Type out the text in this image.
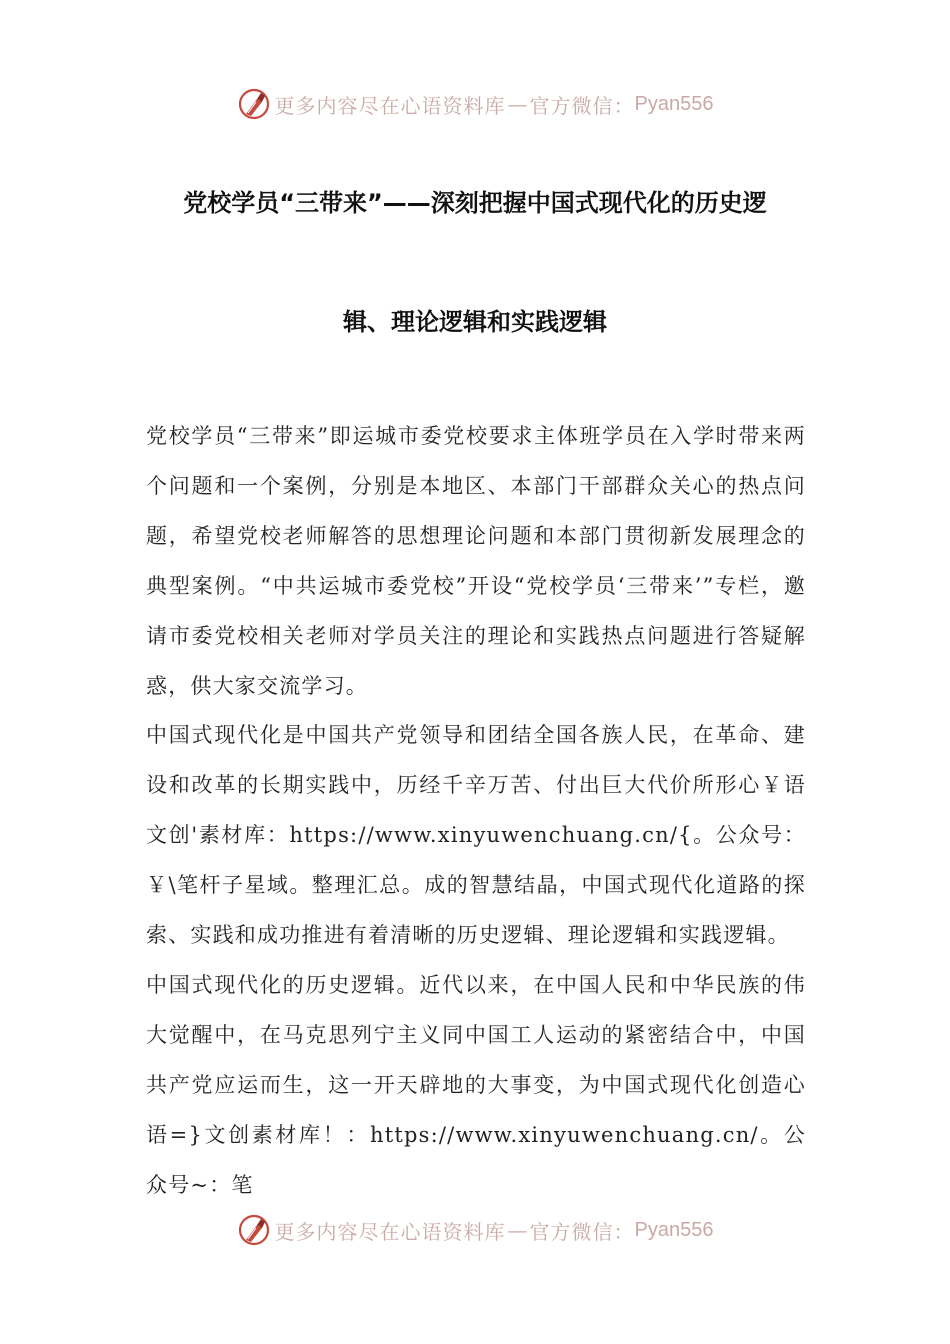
更多内容尽在心语资料库 — 官方微信： Pyan556
党校学员“三带来”——深刻把握中国式现代化的历史逻
辑、理论逻辑和实践逻辑

党校学员“三带来”即运城市委党校要求主体班学员在入学时带来两个问题和一个案例，分别是本地区、本部门干部群众关心的热点问题，希望党校老师解答的思想理论问题和本部门贯彻新发展理念的典型案例。“中共运城市委党校”开设“党校学员‘三带来’”专栏，邀请市委党校相关老师对学员关注的理论和实践热点问题进行答疑解惑，供大家交流学习。

中国式现代化是中国共产党领导和团结全国各族人民，在革命、建设和改革的长期实践中，历经千辛万苦、付出巨大代价所形心￥语文创'素材库：https://www.xinyuwenchuang.cn/{。公众号：￥\笔杆子星域。整理汇总。成的智慧结晶，中国式现代化道路的探索、实践和成功推进有着清晰的历史逻辑、理论逻辑和实践逻辑。

中国式现代化的历史逻辑。近代以来，在中国人民和中华民族的伟大觉醒中，在马克思列宁主义同中国工人运动的紧密结合中，中国共产党应运而生，这一开天辟地的大事变，为中国式现代化创造心语=}文创素材库！：https://www.xinyuwenchuang.cn/。公众号~：笔

更多内容尽在心语资料库 — 官方微信： Pyan556
